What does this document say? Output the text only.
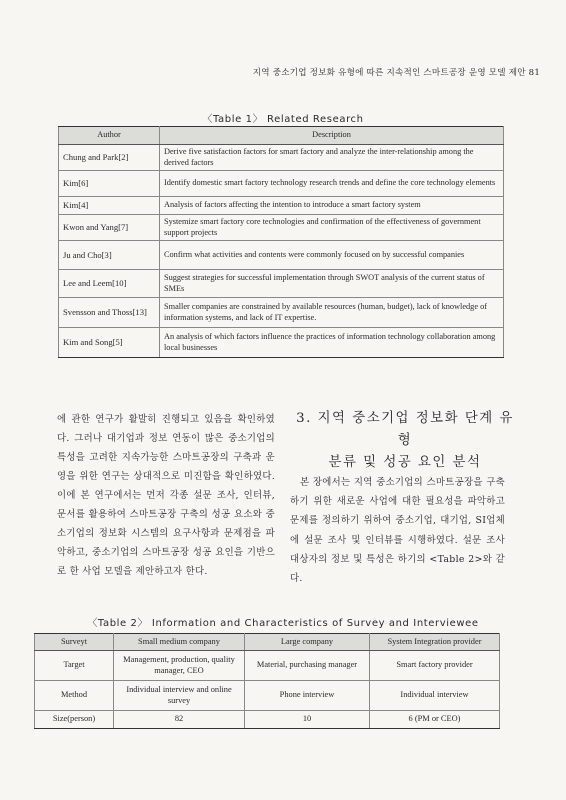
지역 중소기업 정보화 유형에 따른 지속적인 스마트공장 운영 모델 제안 81
〈Table 1〉 Related Research
Author	Description
Chung and Park[2]	Derive five satisfaction factors for smart factory and analyze the inter-relationship among the derived factors
Kim[6]	Identify domestic smart factory technology research trends and define the core technology elements
Kim[4]	Analysis of factors affecting the intention to introduce a smart factory system
Kwon and Yang[7]	Systemize smart factory core technologies and confirmation of the effectiveness of government support projects
Ju and Cho[3]	Confirm what activities and contents were commonly focused on by successful companies
Lee and Leem[10]	Suggest strategies for successful implementation through SWOT analysis of the current status of SMEs
Svensson and Thoss[13]	Smaller companies are constrained by available resources (human, budget), lack of knowledge of information systems, and lack of IT expertise.
Kim and Song[5]	An analysis of which factors influence the practices of information technology collaboration among local businesses

에 관한 연구가 활발히 진행되고 있음을 확인하였다. 그러나 대기업과 정보 연동이 많은 중소기업의 특성을 고려한 지속가능한 스마트공장의 구축과 운영을 위한 연구는 상대적으로 미진함을 확인하였다. 이에 본 연구에서는 먼저 각종 설문 조사, 인터뷰, 문서를 활용하여 스마트공장 구축의 성공 요소와 중소기업의 정보화 시스템의 요구사항과 문제점을 파악하고, 중소기업의 스마트공장 성공 요인을 기반으로 한 사업 모델을 제안하고자 한다.

3. 지역 중소기업 정보화 단계 유형
분류 및 성공 요인 분석

본 장에서는 지역 중소기업의 스마트공장을 구축하기 위한 새로운 사업에 대한 필요성을 파악하고 문제를 정의하기 위하여 중소기업, 대기업, SI업체에 설문 조사 및 인터뷰를 시행하였다. 설문 조사 대상자의 정보 및 특성은 하기의 <Table 2>와 같다.

〈Table 2〉 Information and Characteristics of Survey and Interviewee
Surveyt	Small medium company	Large company	System Integration provider
Target	Management, production, quality manager, CEO	Material, purchasing manager	Smart factory provider
Method	Individual interview and online survey	Phone interview	Individual interview
Size(person)	82	10	6 (PM or CEO)
